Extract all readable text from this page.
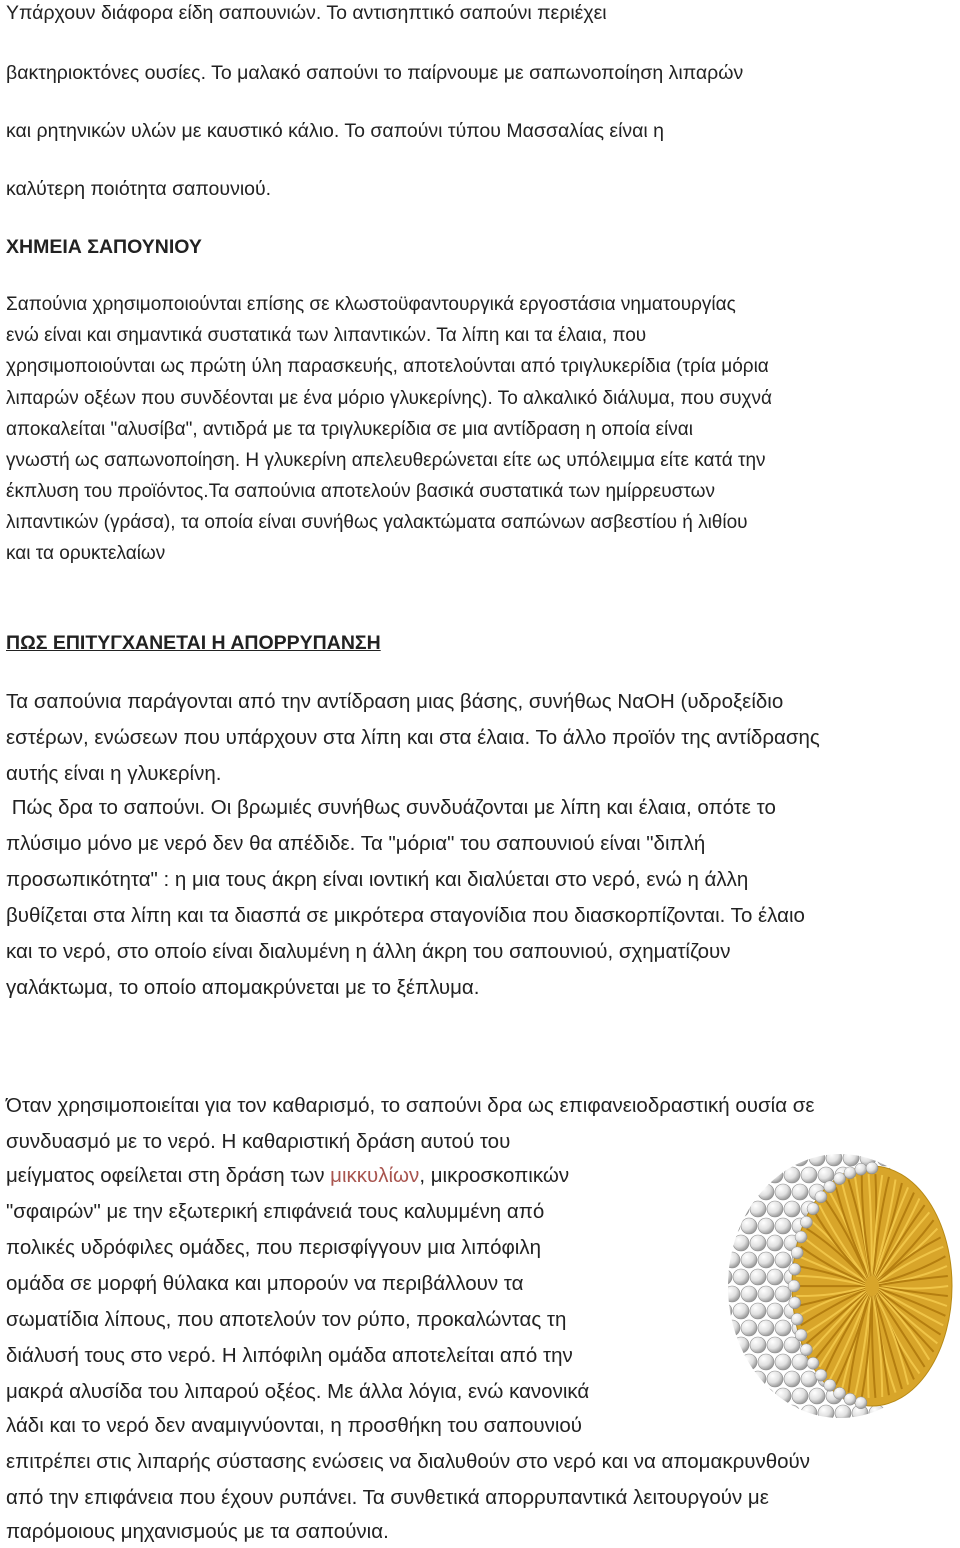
Υπάρχουν διάφορα είδη σαπουνιών. Το αντισηπτικό σαπούνι περιέχει
βακτηριοκτόνες ουσίες. Το μαλακό σαπούνι το παίρνουμε με σαπωνοποίηση λιπαρών
και ρητηνικών υλών με καυστικό κάλιο. Το σαπούνι τύπου Μασσαλίας είναι η
καλύτερη ποιότητα σαπουνιού.
ΧΗΜΕΙΑ ΣΑΠΟΥΝΙΟΥ
Σαπούνια χρησιμοποιούνται επίσης σε κλωστοϋφαντουργικά εργοστάσια νηματουργίας
ενώ είναι και σημαντικά συστατικά των λιπαντικών. Τα λίπη και τα έλαια, που
χρησιμοποιούνται ως πρώτη ύλη παρασκευής, αποτελούνται από τριγλυκερίδια (τρία μόρια
λιπαρών οξέων που συνδέονται με ένα μόριο γλυκερίνης). Το αλκαλικό διάλυμα, που συχνά
αποκαλείται "αλυσίβα", αντιδρά με τα τριγλυκερίδια σε μια αντίδραση η οποία είναι
γνωστή ως σαπωνοποίηση. Η γλυκερίνη απελευθερώνεται είτε ως υπόλειμμα είτε κατά την
έκπλυση του προϊόντος.Τα σαπούνια αποτελούν βασικά συστατικά των ημίρρευστων
λιπαντικών (γράσα), τα οποία είναι συνήθως γαλακτώματα σαπώνων ασβεστίου ή λιθίου
και τα ορυκτελαίων
ΠΩΣ ΕΠΙΤΥΓΧΑΝΕΤΑΙ Η ΑΠΟΡΡΥΠΑΝΣΗ
Τα σαπούνια παράγονται από την αντίδραση μιας βάσης, συνήθως ΝαΟΗ (υδροξείδιο
εστέρων, ενώσεων που υπάρχουν στα λίπη και στα έλαια. Το άλλο προϊόν της αντίδρασης
αυτής είναι η γλυκερίνη.
Πώς δρα το σαπούνι. Οι βρωμιές συνήθως συνδυάζονται με λίπη και έλαια, οπότε το
πλύσιμο μόνο με νερό δεν θα απέδιδε. Τα "μόρια" του σαπουνιού είναι "διπλή
προσωπικότητα" : η μια τους άκρη είναι ιοντική και διαλύεται στο νερό, ενώ η άλλη
βυθίζεται στα λίπη και τα διασπά σε μικρότερα σταγονίδια που διασκορπίζονται. Το έλαιο
και το νερό, στο οποίο είναι διαλυμένη η άλλη άκρη του σαπουνιού, σχηματίζουν
γαλάκτωμα, το οποίο απομακρύνεται με το ξέπλυμα.
Όταν χρησιμοποιείται για τον καθαρισμό, το σαπούνι δρα ως επιφανειοδραστική ουσία σε
συνδυασμό με το νερό. Η καθαριστική δράση αυτού του
μείγματος οφείλεται στη δράση των μικκυλίων, μικροσκοπικών
"σφαιρών" με την εξωτερική επιφάνειά τους καλυμμένη από
πολικές υδρόφιλες ομάδες, που περισφίγγουν μια λιπόφιλη
ομάδα σε μορφή θύλακα και μπορούν να περιβάλλουν τα
σωματίδια λίπους, που αποτελούν τον ρύπο, προκαλώντας τη
διάλυσή τους στο νερό. Η λιπόφιλη ομάδα αποτελείται από την
μακρά αλυσίδα του λιπαρού οξέος. Με άλλα λόγια, ενώ κανονικά
λάδι και το νερό δεν αναμιγνύονται, η προσθήκη του σαπουνιού
επιτρέπει στις λιπαρής σύστασης ενώσεις να διαλυθούν στο νερό και να απομακρυνθούν
από την επιφάνεια που έχουν ρυπάνει. Τα συνθετικά απορρυπαντικά λειτουργούν με
παρόμοιους μηχανισμούς με τα σαπούνια.
